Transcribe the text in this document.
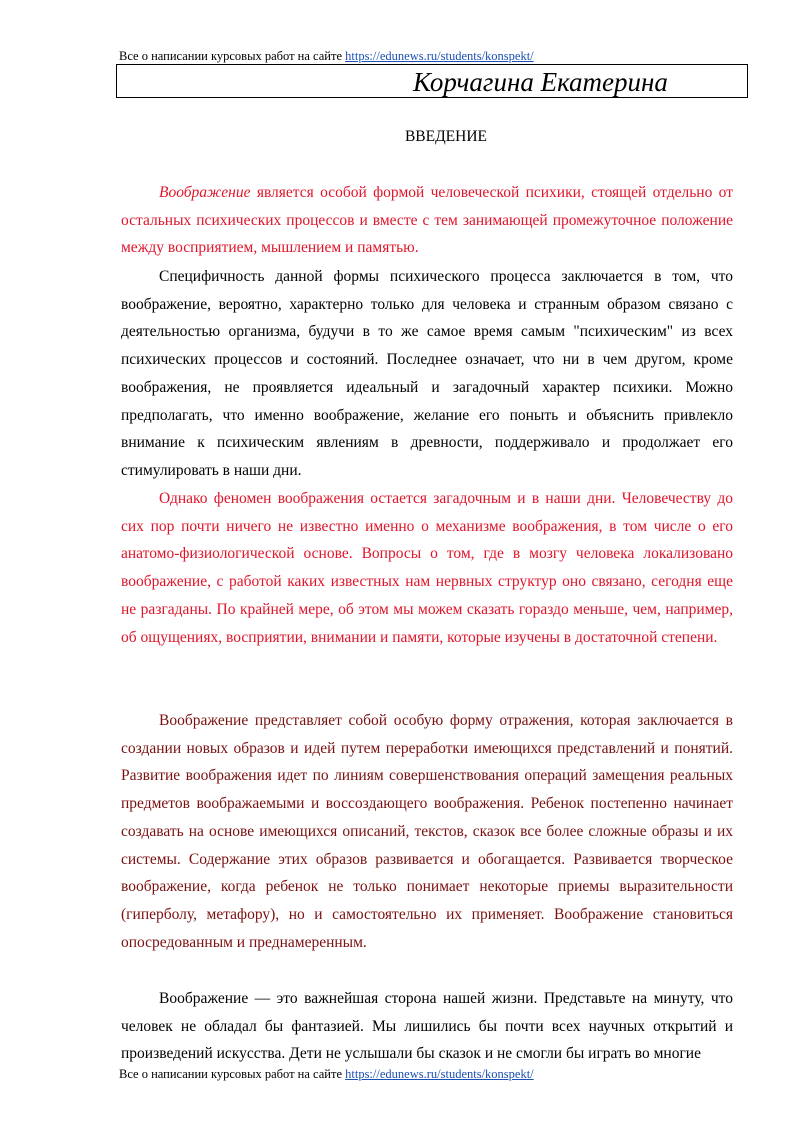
Все о написании курсовых работ на сайте https://edunews.ru/students/konspekt/
Корчагина Екатерина
ВВЕДЕНИЕ

Воображение является особой формой человеческой психики, стоящей отдельно от остальных психических процессов и вместе с тем занимающей промежуточное положение между восприятием, мышлением и памятью.

Специфичность данной формы психического процесса заключается в том, что воображение, вероятно, характерно только для человека и странным образом связано с деятельностью организма, будучи в то же самое время самым "психическим" из всех психических процессов и состояний. Последнее означает, что ни в чем другом, кроме воображения, не проявляется идеальный и загадочный характер психики. Можно предполагать, что именно воображение, желание его поныть и объяснить привлекло внимание к психическим явлениям в древности, поддерживало и продолжает его стимулировать в наши дни.

Однако феномен воображения остается загадочным и в наши дни. Человечеству до сих пор почти ничего не известно именно о механизме воображения, в том числе о его анатомо-физиологической основе. Вопросы о том, где в мозгу человека локализовано воображение, с работой каких известных нам нервных структур оно связано, сегодня еще не разгаданы. По крайней мере, об этом мы можем сказать гораздо меньше, чем, например, об ощущениях, восприятии, внимании и памяти, которые изучены в достаточной степени.

Воображение представляет собой особую форму отражения, которая заключается в создании новых образов и идей путем переработки имеющихся представлений и понятий. Развитие воображения идет по линиям совершенствования операций замещения реальных предметов воображаемыми и воссоздающего воображения. Ребенок постепенно начинает создавать на основе имеющихся описаний, текстов, сказок все более сложные образы и их системы. Содержание этих образов развивается и обогащается. Развивается творческое воображение, когда ребенок не только понимает некоторые приемы выразительности (гиперболу, метафору), но и самостоятельно их применяет. Воображение становиться опосредованным и преднамеренным.

Воображение — это важнейшая сторона нашей жизни. Представьте на минуту, что человек не обладал бы фантазией. Мы лишились бы почти всех научных открытий и произведений искусства. Дети не услышали бы сказок и не смогли бы играть во многие

Все о написании курсовых работ на сайте https://edunews.ru/students/konspekt/
